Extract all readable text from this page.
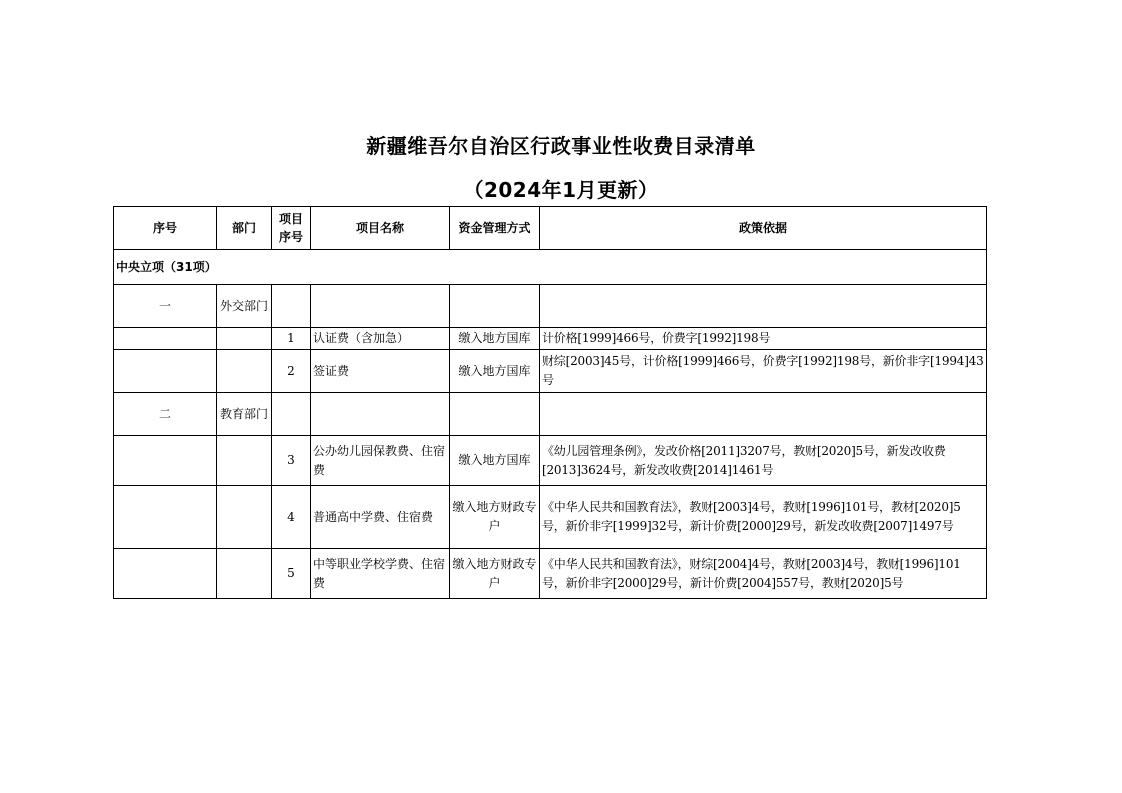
新疆维吾尔自治区行政事业性收费目录清单
（2024年1月更新）
序号	部门	项目序号	项目名称	资金管理方式	政策依据
中央立项（31项）					
一	外交部门				
		1	认证费（含加急）	缴入地方国库	计价格[1999]466号，价费字[1992]198号
		2	签证费	缴入地方国库	财综[2003]45号，计价格[1999]466号，价费字[1992]198号，新价非字[1994]43号
二	教育部门				
		3	公办幼儿园保教费、住宿费	缴入地方国库	《幼儿园管理条例》，发改价格[2011]3207号，教财[2020]5号，新发改收费[2013]3624号，新发改收费[2014]1461号
		4	普通高中学费、住宿费	缴入地方财政专户	《中华人民共和国教育法》，教财[2003]4号，教财[1996]101号，教材[2020]5号，新价非字[1999]32号，新计价费[2000]29号，新发改收费[2007]1497号
		5	中等职业学校学费、住宿费	缴入地方财政专户	《中华人民共和国教育法》，财综[2004]4号，教财[2003]4号，教财[1996]101号，新价非字[2000]29号，新计价费[2004]557号，教财[2020]5号
